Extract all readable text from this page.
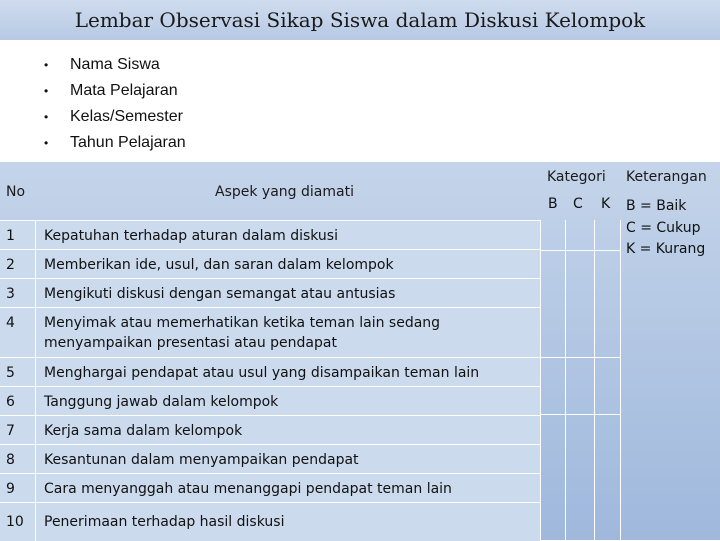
Lembar Observasi Sikap Siswa dalam Diskusi Kelompok
• Nama Siswa
• Mata Pelajaran
• Kelas/Semester
• Tahun Pelajaran
No	Aspek yang diamati
Kategori Keterangan
B C K
1	Kepatuhan terhadap aturan dalam diskusi
2	Memberikan ide, usul, dan saran dalam kelompok
3	Mengikuti diskusi dengan semangat atau antusias
4	Menyimak atau memerhatikan ketika teman lain sedang menyampaikan presentasi atau pendapat
5	Menghargai pendapat atau usul yang disampaikan teman lain
6	Tanggung jawab dalam kelompok
7	Kerja sama dalam kelompok
8	Kesantunan dalam menyampaikan pendapat
9	Cara menyanggah atau menanggapi pendapat teman lain
10	Penerimaan terhadap hasil diskusi
B = Baik
C = Cukup
K = Kurang
